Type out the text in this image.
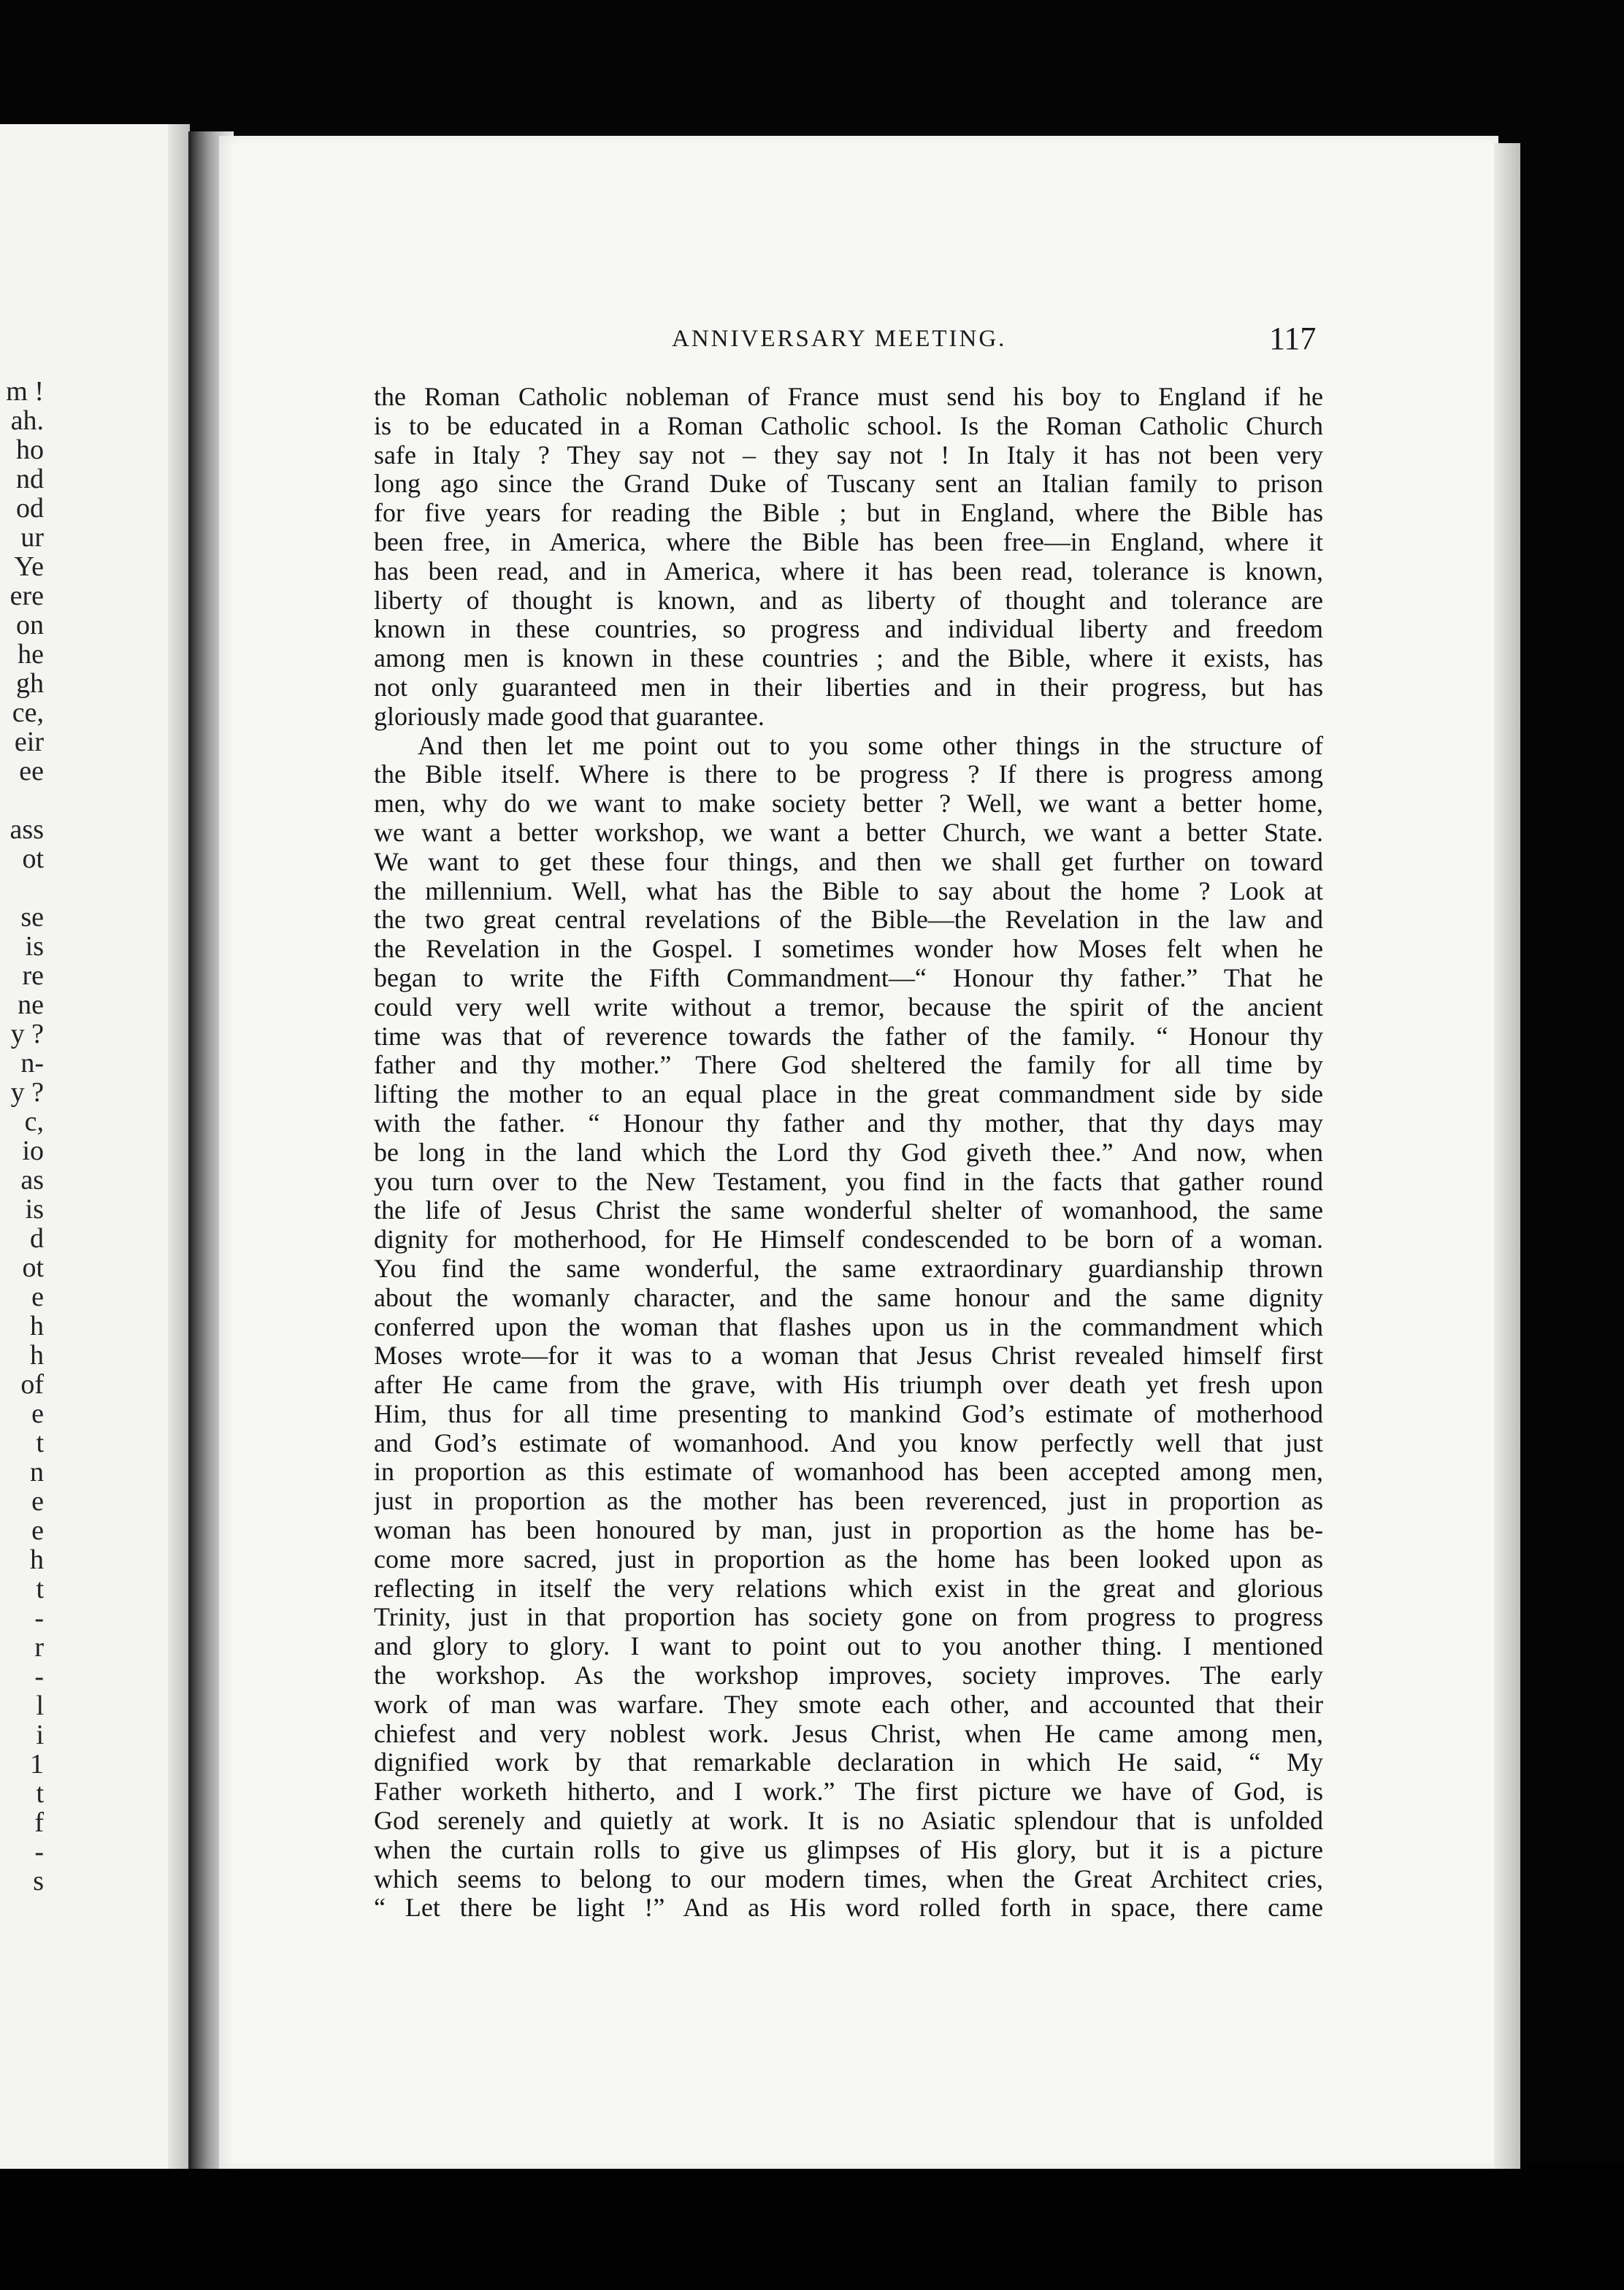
m !
ah.
ho
nd
od
ur
Ye
ere
on
he
gh
ce,
eir
ee
ass
ot
se
is
re
ne
y ?
n-
y ?
c,
io
as
is
d
ot
e
h
h
of
e
t
n
e
e
h
t
-
r
-
l
i
1
t
f
-
s
ANNIVERSARY MEETING.	117
the Roman Catholic nobleman of France must send his boy to England if he
is to be educated in a Roman Catholic school. Is the Roman Catholic Church
safe in Italy ? They say not – they say not ! In Italy it has not been very
long ago since the Grand Duke of Tuscany sent an Italian family to prison
for five years for reading the Bible ; but in England, where the Bible has
been free, in America, where the Bible has been free—in England, where it
has been read, and in America, where it has been read, tolerance is known,
liberty of thought is known, and as liberty of thought and tolerance are
known in these countries, so progress and individual liberty and freedom
among men is known in these countries ; and the Bible, where it exists, has
not only guaranteed men in their liberties and in their progress, but has
gloriously made good that guarantee.
And then let me point out to you some other things in the structure of
the Bible itself. Where is there to be progress ? If there is progress among
men, why do we want to make society better ? Well, we want a better home,
we want a better workshop, we want a better Church, we want a better State.
We want to get these four things, and then we shall get further on toward
the millennium. Well, what has the Bible to say about the home ? Look at
the two great central revelations of the Bible—the Revelation in the law and
the Revelation in the Gospel. I sometimes wonder how Moses felt when he
began to write the Fifth Commandment—“ Honour thy father.” That he
could very well write without a tremor, because the spirit of the ancient
time was that of reverence towards the father of the family. “ Honour thy
father and thy mother.” There God sheltered the family for all time by
lifting the mother to an equal place in the great commandment side by side
with the father. “ Honour thy father and thy mother, that thy days may
be long in the land which the Lord thy God giveth thee.” And now, when
you turn over to the New Testament, you find in the facts that gather round
the life of Jesus Christ the same wonderful shelter of womanhood, the same
dignity for motherhood, for He Himself condescended to be born of a woman.
You find the same wonderful, the same extraordinary guardianship thrown
about the womanly character, and the same honour and the same dignity
conferred upon the woman that flashes upon us in the commandment which
Moses wrote—for it was to a woman that Jesus Christ revealed himself first
after He came from the grave, with His triumph over death yet fresh upon
Him, thus for all time presenting to mankind God’s estimate of motherhood
and God’s estimate of womanhood. And you know perfectly well that just
in proportion as this estimate of womanhood has been accepted among men,
just in proportion as the mother has been reverenced, just in proportion as
woman has been honoured by man, just in proportion as the home has be-
come more sacred, just in proportion as the home has been looked upon as
reflecting in itself the very relations which exist in the great and glorious
Trinity, just in that proportion has society gone on from progress to progress
and glory to glory. I want to point out to you another thing. I mentioned
the workshop. As the workshop improves, society improves. The early
work of man was warfare. They smote each other, and accounted that their
chiefest and very noblest work. Jesus Christ, when He came among men,
dignified work by that remarkable declaration in which He said, “ My
Father worketh hitherto, and I work.” The first picture we have of God, is
God serenely and quietly at work. It is no Asiatic splendour that is unfolded
when the curtain rolls to give us glimpses of His glory, but it is a picture
which seems to belong to our modern times, when the Great Architect cries,
“ Let there be light !” And as His word rolled forth in space, there came
